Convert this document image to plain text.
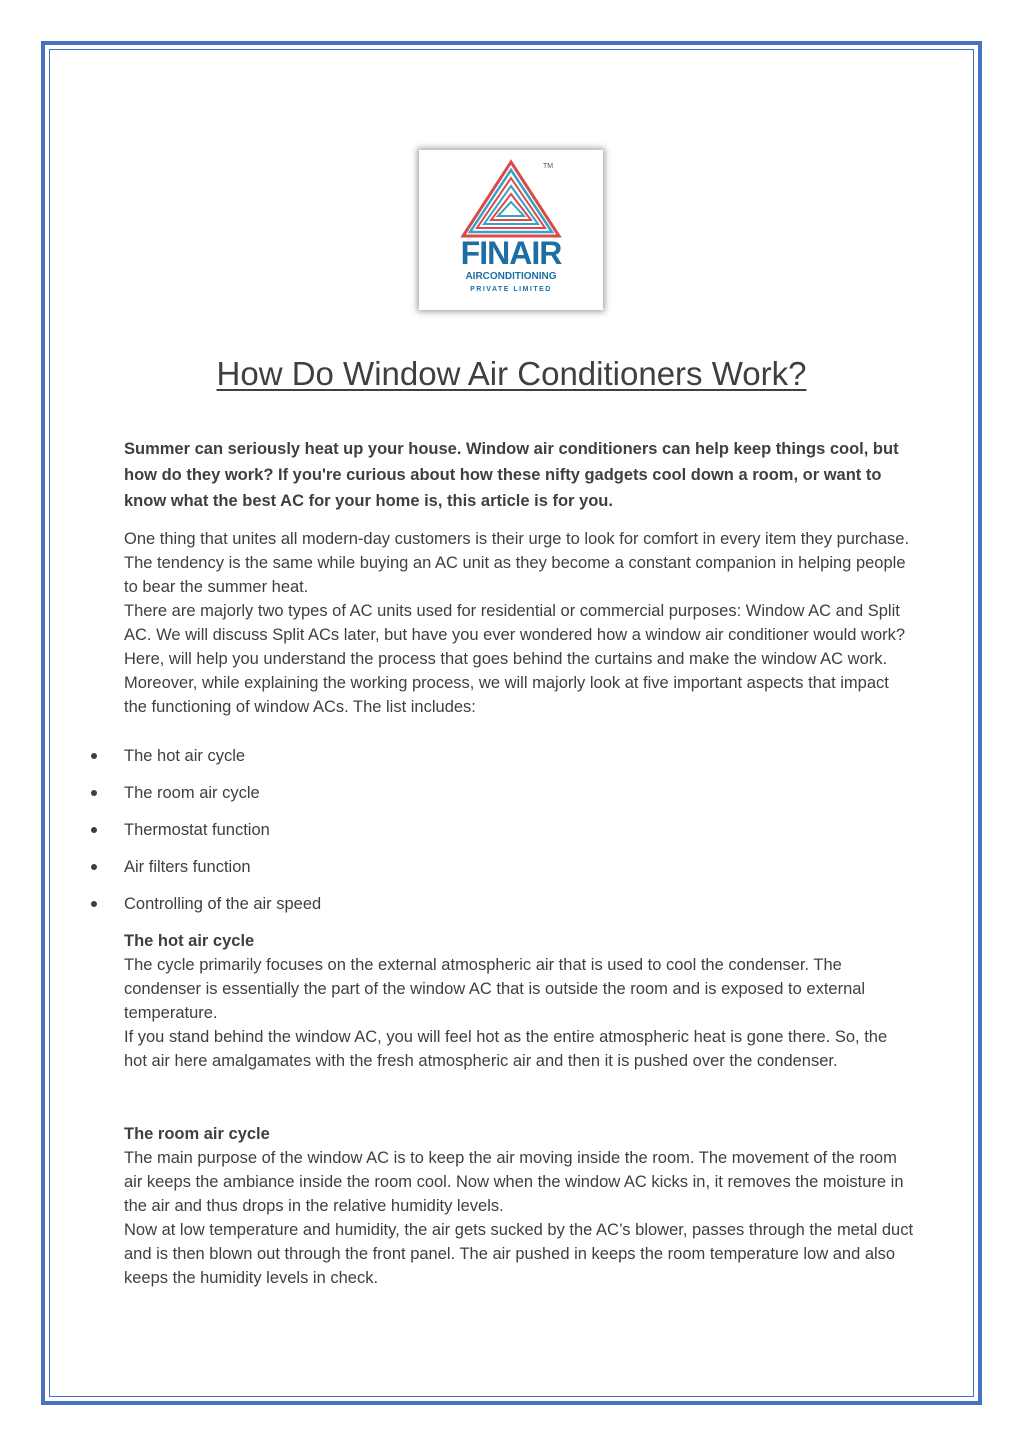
TM
FINAIR
AIRCONDITIONING
PRIVATE LIMITED
How Do Window Air Conditioners Work?

Summer can seriously heat up your house. Window air conditioners can help keep things cool, but how do they work? If you're curious about how these nifty gadgets cool down a room, or want to know what the best AC for your home is, this article is for you.

One thing that unites all modern-day customers is their urge to look for comfort in every item they purchase. The tendency is the same while buying an AC unit as they become a constant companion in helping people to bear the summer heat.

There are majorly two types of AC units used for residential or commercial purposes: Window AC and Split AC. We will discuss Split ACs later, but have you ever wondered how a window air conditioner would work? Here, will help you understand the process that goes behind the curtains and make the window AC work.

Moreover, while explaining the working process, we will majorly look at five important aspects that impact the functioning of window ACs. The list includes:

The hot air cycle
The room air cycle
Thermostat function
Air filters function
Controlling of the air speed

The hot air cycle

The cycle primarily focuses on the external atmospheric air that is used to cool the condenser. The condenser is essentially the part of the window AC that is outside the room and is exposed to external temperature.

If you stand behind the window AC, you will feel hot as the entire atmospheric heat is gone there. So, the hot air here amalgamates with the fresh atmospheric air and then it is pushed over the condenser.

The room air cycle

The main purpose of the window AC is to keep the air moving inside the room. The movement of the room air keeps the ambiance inside the room cool. Now when the window AC kicks in, it removes the moisture in the air and thus drops in the relative humidity levels.

Now at low temperature and humidity, the air gets sucked by the AC’s blower, passes through the metal duct and is then blown out through the front panel. The air pushed in keeps the room temperature low and also keeps the humidity levels in check.
